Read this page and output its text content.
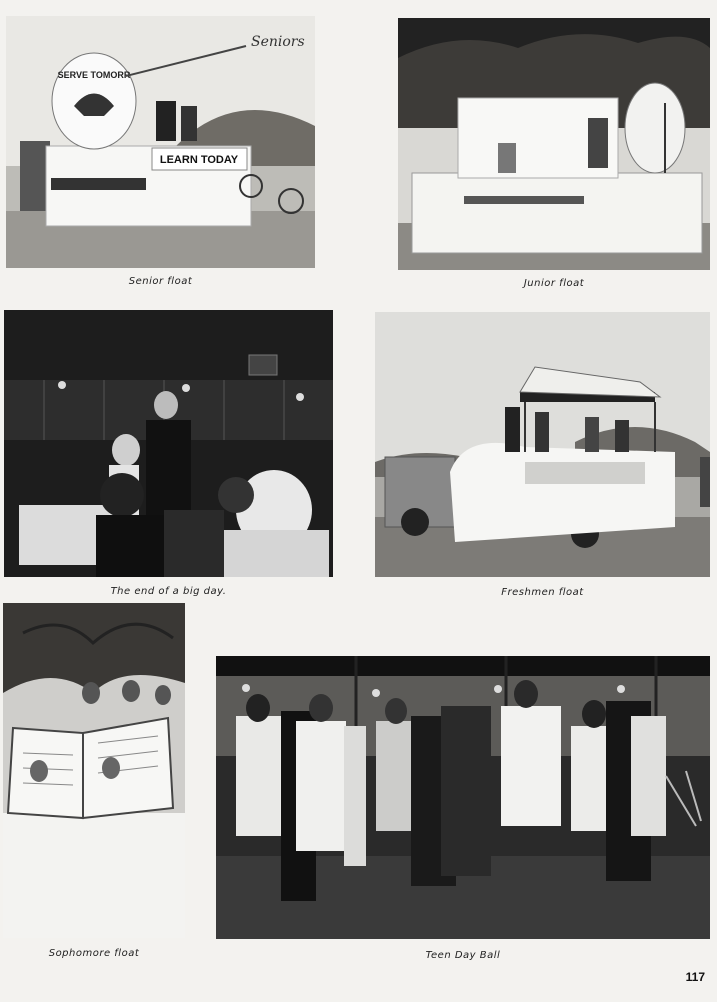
LEARN TODAY
SERVE TOMORR
Seniors
Senior float	Junior float
The end of a big day.	Freshmen float
Sophomore float	Teen Day Ball
117
